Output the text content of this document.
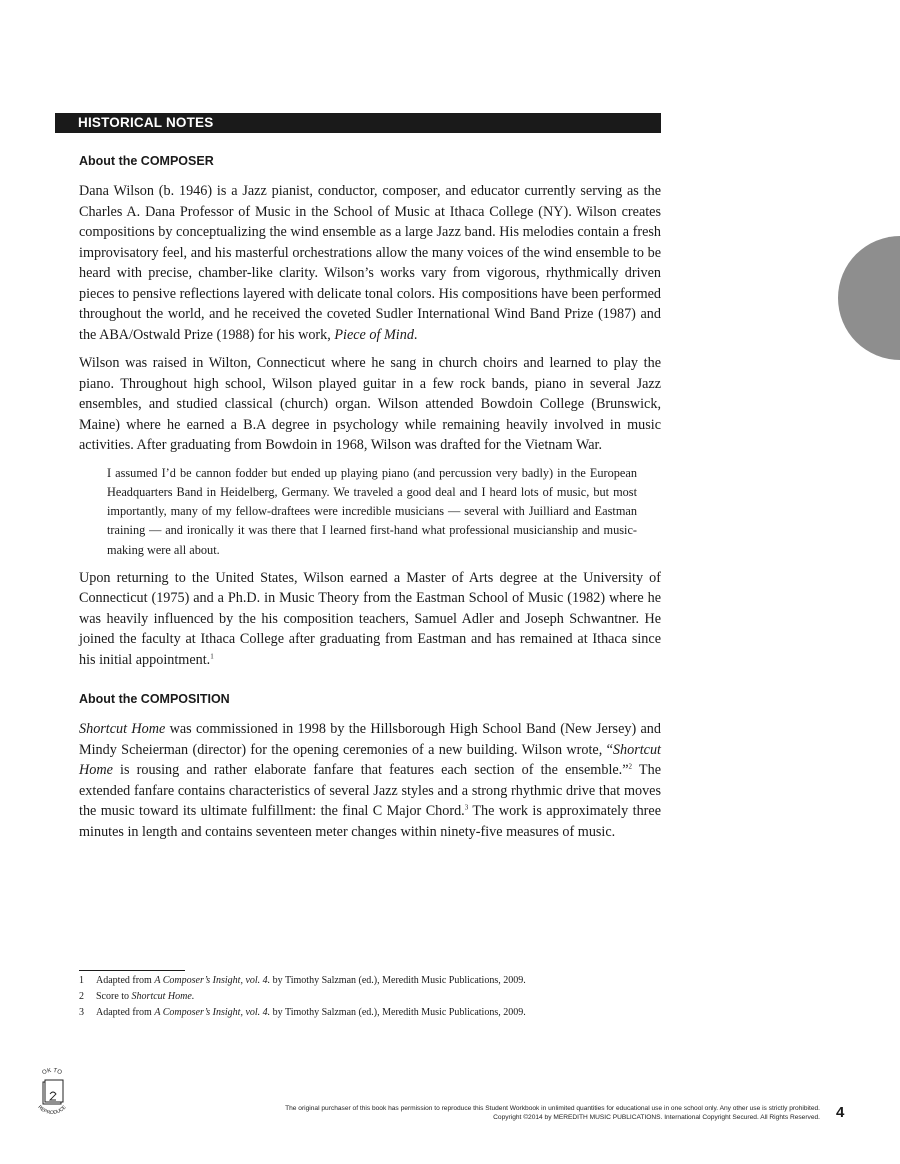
HISTORICAL NOTES
About the COMPOSER

Dana Wilson (b. 1946) is a Jazz pianist, conductor, composer, and educator currently serving as the Charles A. Dana Professor of Music in the School of Music at Ithaca College (NY). Wilson creates compositions by conceptualizing the wind ensemble as a large Jazz band. His melodies contain a fresh improvisatory feel, and his masterful orchestrations allow the many voices of the wind ensemble to be heard with precise, chamber-like clarity. Wilson’s works vary from vigorous, rhythmically driven pieces to pensive reflections layered with delicate tonal colors. His compositions have been performed throughout the world, and he received the coveted Sudler International Wind Band Prize (1987) and the ABA/Ostwald Prize (1988) for his work, Piece of Mind.

Wilson was raised in Wilton, Connecticut where he sang in church choirs and learned to play the piano. Throughout high school, Wilson played guitar in a few rock bands, piano in several Jazz ensembles, and studied classical (church) organ. Wilson attended Bowdoin College (Brunswick, Maine) where he earned a B.A degree in psychology while remaining heavily involved in music activities. After graduating from Bowdoin in 1968, Wilson was drafted for the Vietnam War.

I assumed I’d be cannon fodder but ended up playing piano (and percussion very badly) in the European Headquarters Band in Heidelberg, Germany. We traveled a good deal and I heard lots of music, but most importantly, many of my fellow-draftees were incredible musicians — several with Juilliard and Eastman training — and ironically it was there that I learned first-hand what professional musicianship and music-making were all about.

Upon returning to the United States, Wilson earned a Master of Arts degree at the University of Connecticut (1975) and a Ph.D. in Music Theory from the Eastman School of Music (1982) where he was heavily influenced by the his composition teachers, Samuel Adler and Joseph Schwantner. He joined the faculty at Ithaca College after graduating from Eastman and has remained at Ithaca since his initial appointment.$^1$

About the COMPOSITION

Shortcut Home was commissioned in 1998 by the Hillsborough High School Band (New Jersey) and Mindy Scheierman (director) for the opening ceremonies of a new building. Wilson wrote, “Shortcut Home is rousing and rather elaborate fanfare that features each section of the ensemble.”$^2$ The extended fanfare contains characteristics of several Jazz styles and a strong rhythmic drive that moves the music toward its ultimate fulfillment: the final C Major Chord.$^3$ The work is approximately three minutes in length and contains seventeen meter changes within ninety-five measures of music.

1	Adapted from A Composer’s Insight, vol. 4. by Timothy Salzman (ed.), Meredith Music Publications, 2009.
2	Score to Shortcut Home.
3	Adapted from A Composer’s Insight, vol. 4. by Timothy Salzman (ed.), Meredith Music Publications, 2009.
OK TO
REPRODUCE	The original purchaser of this book has permission to reproduce this Student Workbook in unlimited quantities for educational use in one school only. Any other use is strictly prohibited.
Copyright ©2014 by MEREDITH MUSIC PUBLICATIONS. International Copyright Secured. All Rights Reserved. 4
